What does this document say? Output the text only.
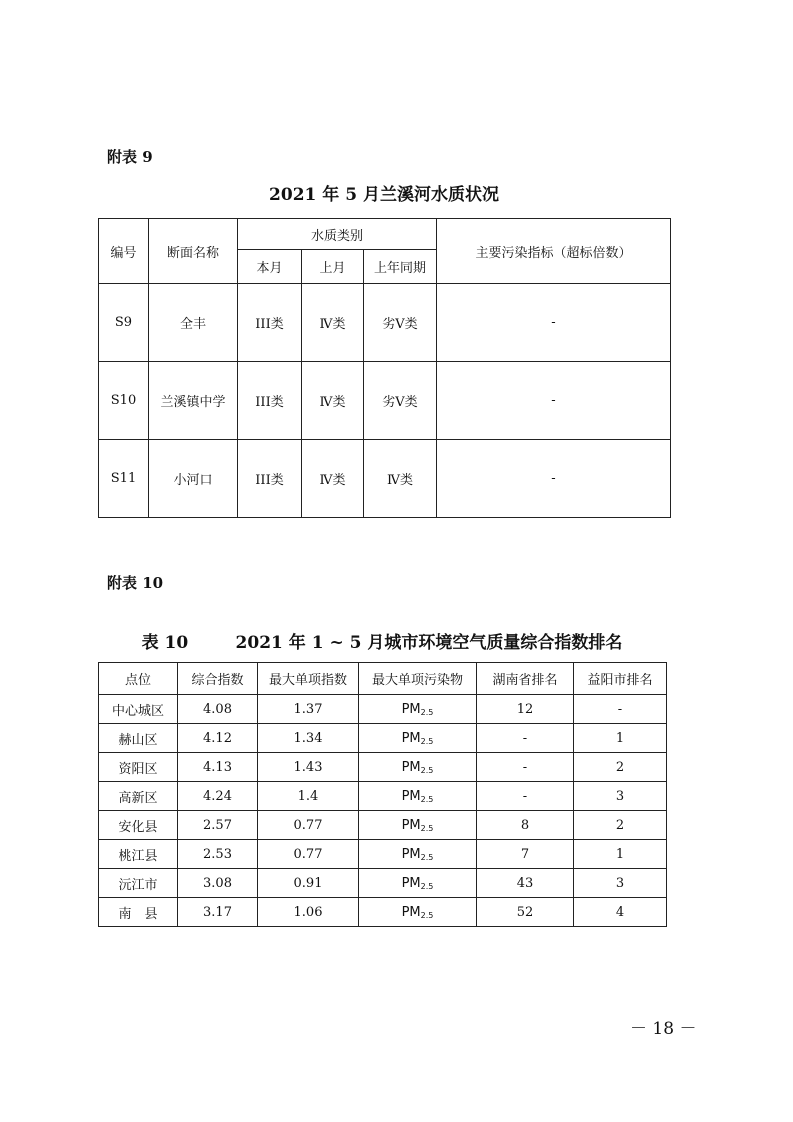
附表 9
2021 年 5 月兰溪河水质状况
编号	断面名称	水质类别			主要污染指标（超标倍数）
		本月	上月	上年同期	
S9	全丰	III类	Ⅳ类	劣Ⅴ类	-
S10	兰溪镇中学	III类	Ⅳ类	劣Ⅴ类	-
S11	小河口	III类	Ⅳ类	Ⅳ类	-
附表 10
表 10        2021 年 1 ~ 5 月城市环境空气质量综合指数排名
点位	综合指数	最大单项指数	最大单项污染物	湖南省排名	益阳市排名
中心城区	4.08	1.37	$PM_{2.5}$	12	-
赫山区	4.12	1.34	$PM_{2.5}$	-	1
资阳区	4.13	1.43	$PM_{2.5}$	-	2
高新区	4.24	1.4	$PM_{2.5}$	-	3
安化县	2.57	0.77	$PM_{2.5}$	8	2
桃江县	2.53	0.77	$PM_{2.5}$	7	1
沅江市	3.08	0.91	$PM_{2.5}$	43	3
南　县	3.17	1.06	$PM_{2.5}$	52	4
－ 18 －
